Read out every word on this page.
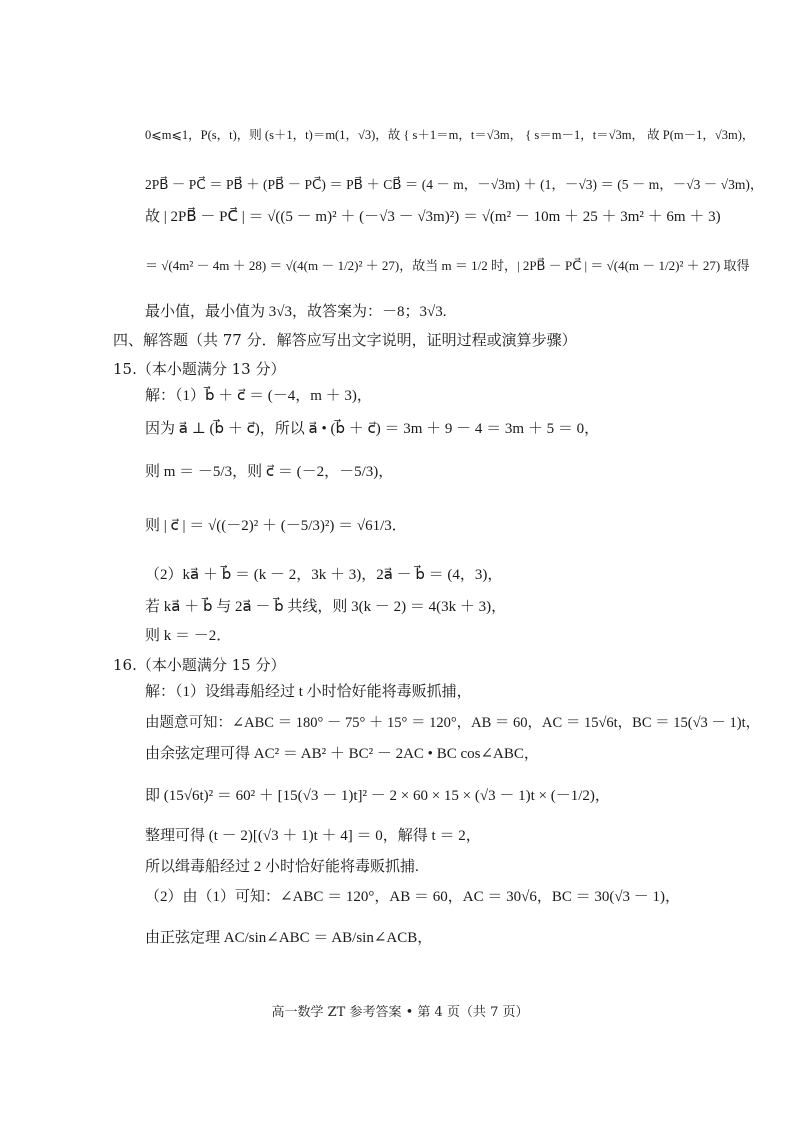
0⩽m⩽1，P(s，t)，则 (s＋1，t)＝m(1，√3)，故 { s＋1＝m，t＝√3m， { s＝m－1，t＝√3m， 故 P(m－1，√3m)，
2PB⃗ － PC⃗ ＝ PB⃗ ＋ (PB⃗ － PC⃗) ＝ PB⃗ ＋ CB⃗ ＝ (4 － m，－√3m) ＋ (1，－√3) ＝ (5 － m，－√3 － √3m)，
故 | 2PB⃗ － PC⃗ | ＝ √((5 － m)² ＋ (－√3 － √3m)²) ＝ √(m² － 10m ＋ 25 ＋ 3m² ＋ 6m ＋ 3)
＝ √(4m² － 4m ＋ 28) ＝ √(4(m － 1/2)² ＋ 27)，故当 m ＝ 1/2 时，| 2PB⃗ － PC⃗ | ＝ √(4(m － 1/2)² ＋ 27) 取得
最小值，最小值为 3√3，故答案为：－8；3√3.
四、解答题（共 77 分．解答应写出文字说明，证明过程或演算步骤）
15.（本小题满分 13 分）
解：（1）b⃗ ＋ c⃗ ＝ (－4，m ＋ 3)，
因为 a⃗ ⊥ (b⃗ ＋ c⃗)，所以 a⃗ • (b⃗ ＋ c⃗) ＝ 3m ＋ 9 － 4 ＝ 3m ＋ 5 ＝ 0，
则 m ＝ －5/3，则 c⃗ ＝ (－2，－5/3)，
则 | c⃗ | ＝ √((－2)² ＋ (－5/3)²) ＝ √61/3．
（2）ka⃗ ＋ b⃗ ＝ (k － 2，3k ＋ 3)，2a⃗ － b⃗ ＝ (4，3)，
若 ka⃗ ＋ b⃗ 与 2a⃗ － b⃗ 共线，则 3(k － 2) ＝ 4(3k ＋ 3)，
则 k ＝ －2．
16.（本小题满分 15 分）
解：（1）设缉毒船经过 t 小时恰好能将毒贩抓捕，
由题意可知：∠ABC ＝ 180° － 75° ＋ 15° ＝ 120°，AB ＝ 60，AC ＝ 15√6t，BC ＝ 15(√3 － 1)t，
由余弦定理可得 AC² ＝ AB² ＋ BC² － 2AC • BC cos∠ABC，
即 (15√6t)² ＝ 60² ＋ [15(√3 － 1)t]² － 2 × 60 × 15 × (√3 － 1)t × (－1/2)，
整理可得 (t － 2)[(√3 ＋ 1)t ＋ 4] ＝ 0，解得 t ＝ 2，
所以缉毒船经过 2 小时恰好能将毒贩抓捕.
（2）由（1）可知：∠ABC ＝ 120°，AB ＝ 60，AC ＝ 30√6，BC ＝ 30(√3 － 1)，
由正弦定理 AC/sin∠ABC ＝ AB/sin∠ACB，
高一数学 ZT 参考答案 • 第 4 页（共 7 页）
